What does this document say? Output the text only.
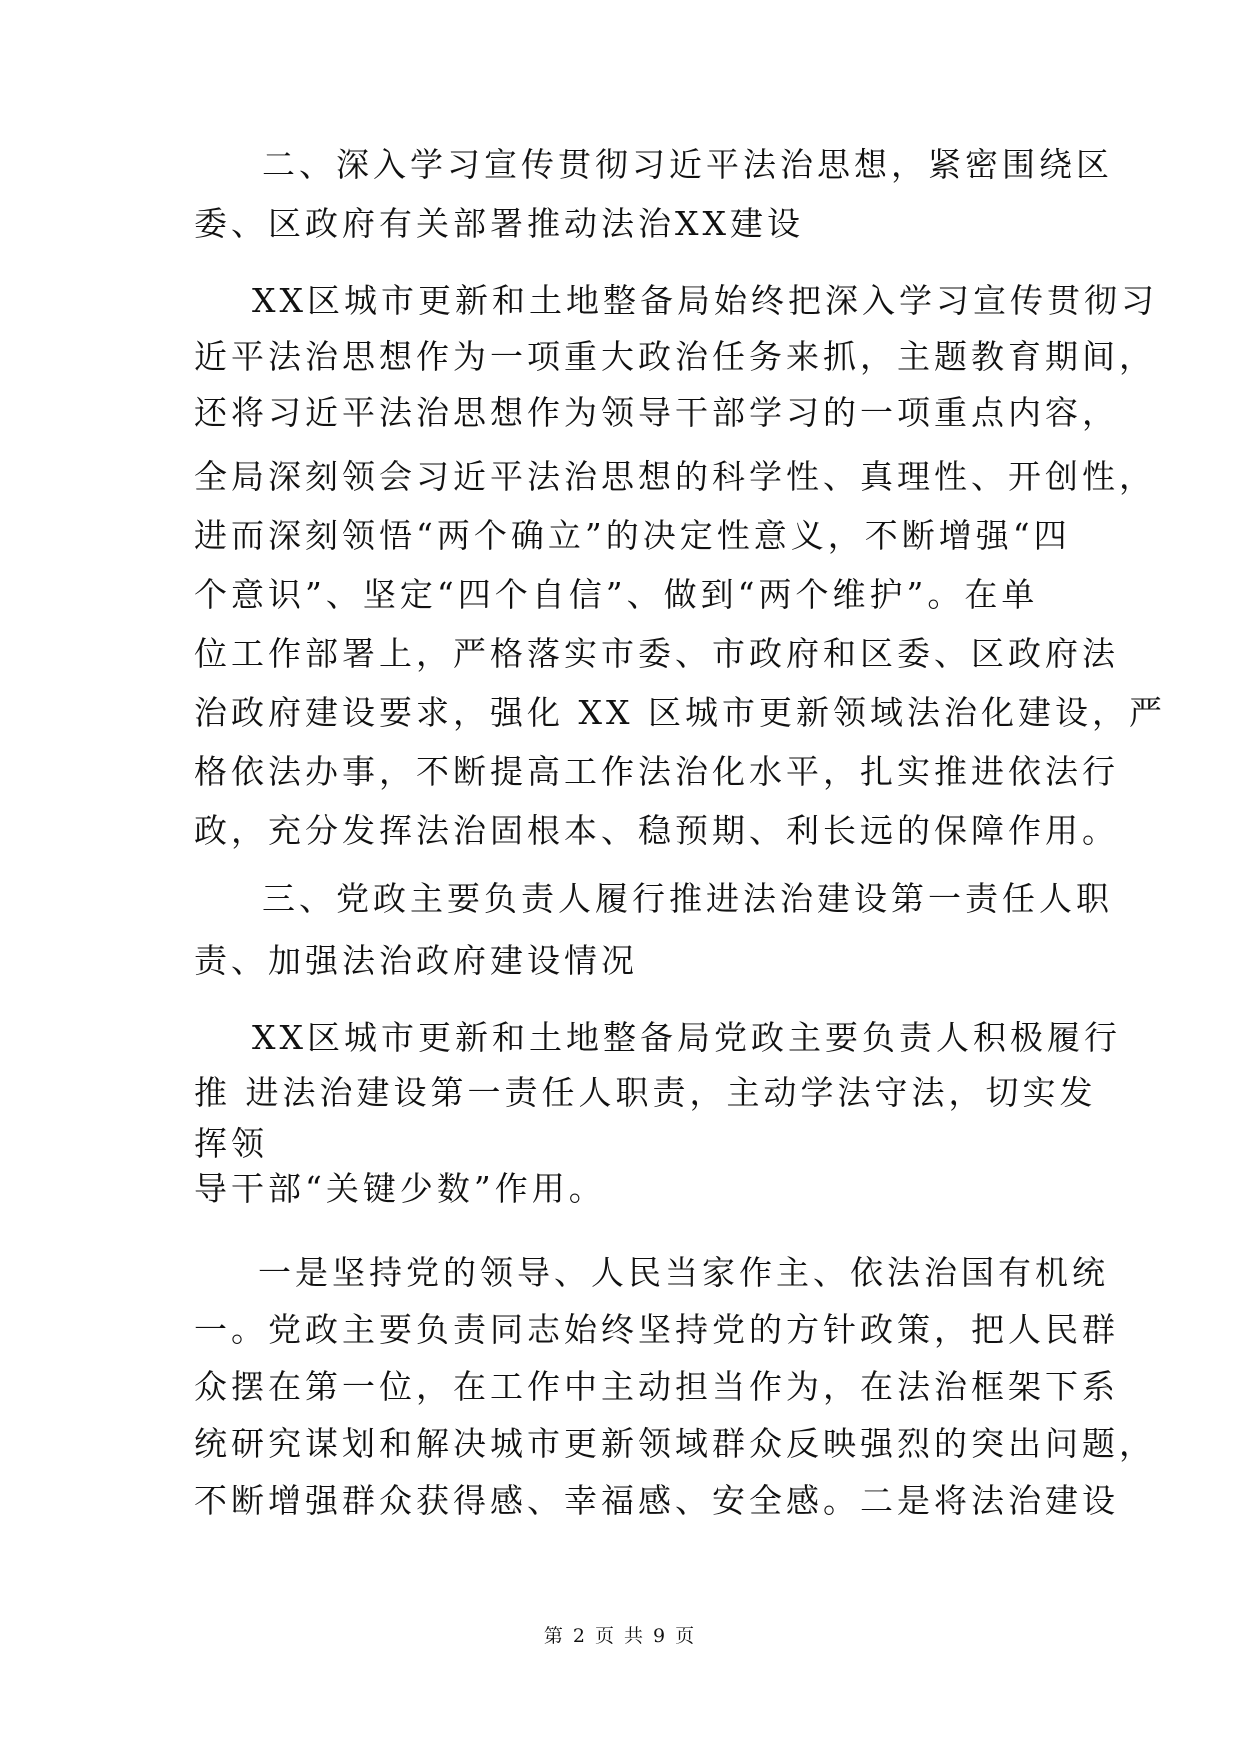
二、深入学习宣传贯彻习近平法治思想，紧密围绕区
委、区政府有关部署推动法治XX建设
XX区城市更新和土地整备局始终把深入学习宣传贯彻习
近平法治思想作为一项重大政治任务来抓，主题教育期间，
还将习近平法治思想作为领导干部学习的一项重点内容，
全局深刻领会习近平法治思想的科学性、真理性、开创性，
进而深刻领悟“两个确立”的决定性意义，不断增强“四
个意识”、坚定“四个自信”、做到“两个维护”。在单
位工作部署上，严格落实市委、市政府和区委、区政府法
治政府建设要求，强化 XX 区城市更新领域法治化建设，严
格依法办事，不断提高工作法治化水平，扎实推进依法行
政，充分发挥法治固根本、稳预期、利长远的保障作用。
三、党政主要负责人履行推进法治建设第一责任人职
责、加强法治政府建设情况
XX区城市更新和土地整备局党政主要负责人积极履行
推 进法治建设第一责任人职责，主动学法守法，切实发
挥领
导干部“关键少数”作用。
一是坚持党的领导、人民当家作主、依法治国有机统
一。党政主要负责同志始终坚持党的方针政策，把人民群
众摆在第一位，在工作中主动担当作为，在法治框架下系
统研究谋划和解决城市更新领域群众反映强烈的突出问题，
不断增强群众获得感、幸福感、安全感。二是将法治建设
第 2 页 共 9 页
